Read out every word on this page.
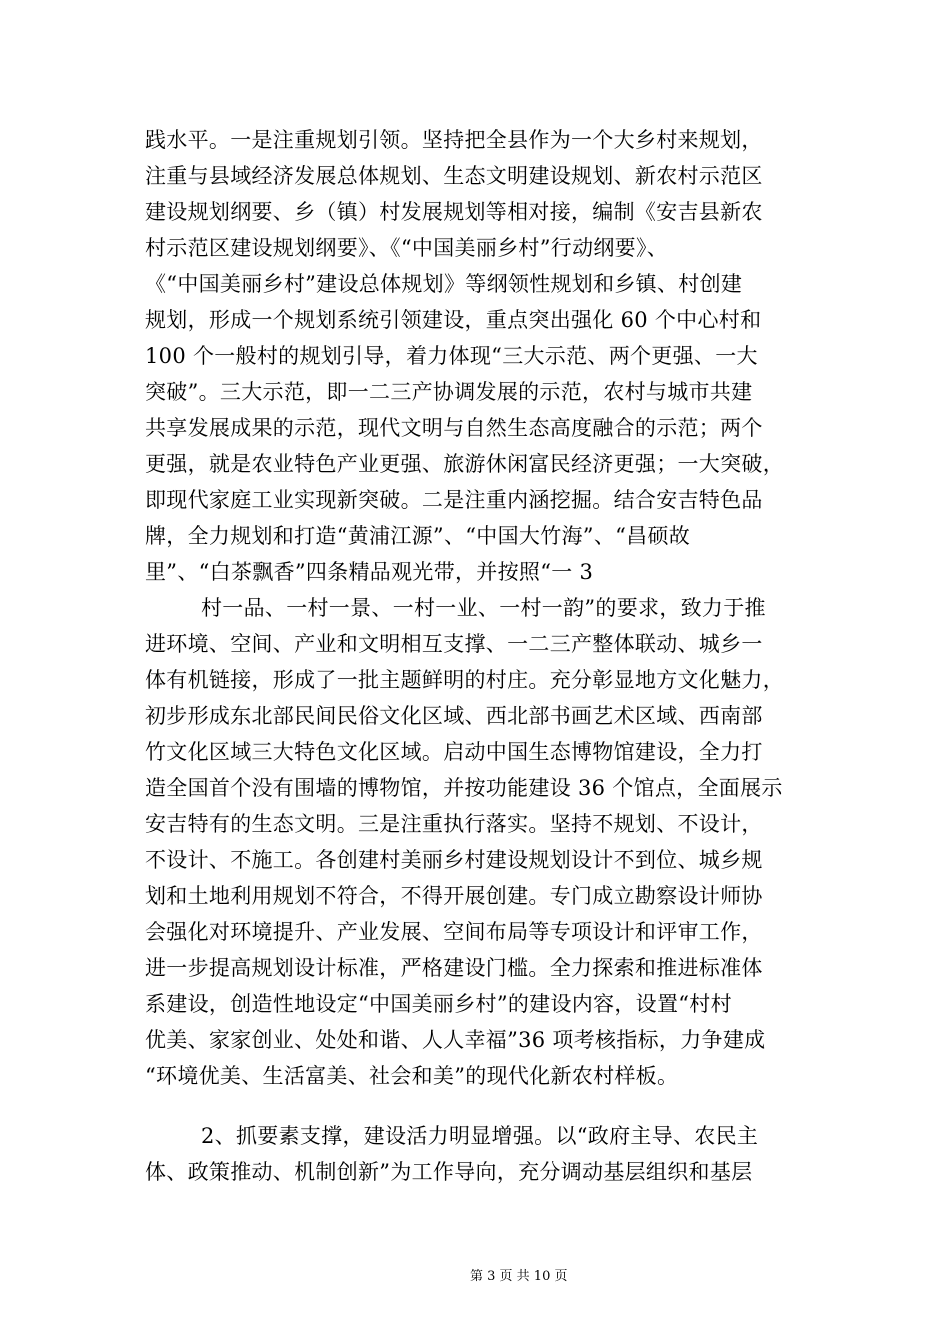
践水平。一是注重规划引领。坚持把全县作为一个大乡村来规划，
注重与县域经济发展总体规划、生态文明建设规划、新农村示范区
建设规划纲要、乡（镇）村发展规划等相对接，编制《安吉县新农
村示范区建设规划纲要》、《“中国美丽乡村”行动纲要》、
《“中国美丽乡村”建设总体规划》等纲领性规划和乡镇、村创建
规划，形成一个规划系统引领建设，重点突出强化 60 个中心村和
100 个一般村的规划引导，着力体现“三大示范、两个更强、一大
突破”。三大示范，即一二三产协调发展的示范，农村与城市共建
共享发展成果的示范，现代文明与自然生态高度融合的示范；两个
更强，就是农业特色产业更强、旅游休闲富民经济更强；一大突破，
即现代家庭工业实现新突破。二是注重内涵挖掘。结合安吉特色品
牌，全力规划和打造“黄浦江源”、“中国大竹海”、“昌硕故
里”、“白茶飘香”四条精品观光带，并按照“一 3
村一品、一村一景、一村一业、一村一韵”的要求，致力于推
进环境、空间、产业和文明相互支撑、一二三产整体联动、城乡一
体有机链接，形成了一批主题鲜明的村庄。充分彰显地方文化魅力，
初步形成东北部民间民俗文化区域、西北部书画艺术区域、西南部
竹文化区域三大特色文化区域。启动中国生态博物馆建设，全力打
造全国首个没有围墙的博物馆，并按功能建设 36 个馆点，全面展示
安吉特有的生态文明。三是注重执行落实。坚持不规划、不设计，
不设计、不施工。各创建村美丽乡村建设规划设计不到位、城乡规
划和土地利用规划不符合，不得开展创建。专门成立勘察设计师协
会强化对环境提升、产业发展、空间布局等专项设计和评审工作，
进一步提高规划设计标准，严格建设门槛。全力探索和推进标准体
系建设，创造性地设定“中国美丽乡村”的建设内容，设置“村村
优美、家家创业、处处和谐、人人幸福”36 项考核指标，力争建成
“环境优美、生活富美、社会和美”的现代化新农村样板。
2、抓要素支撑，建设活力明显增强。以“政府主导、农民主
体、政策推动、机制创新”为工作导向，充分调动基层组织和基层
第 3 页 共 10 页
